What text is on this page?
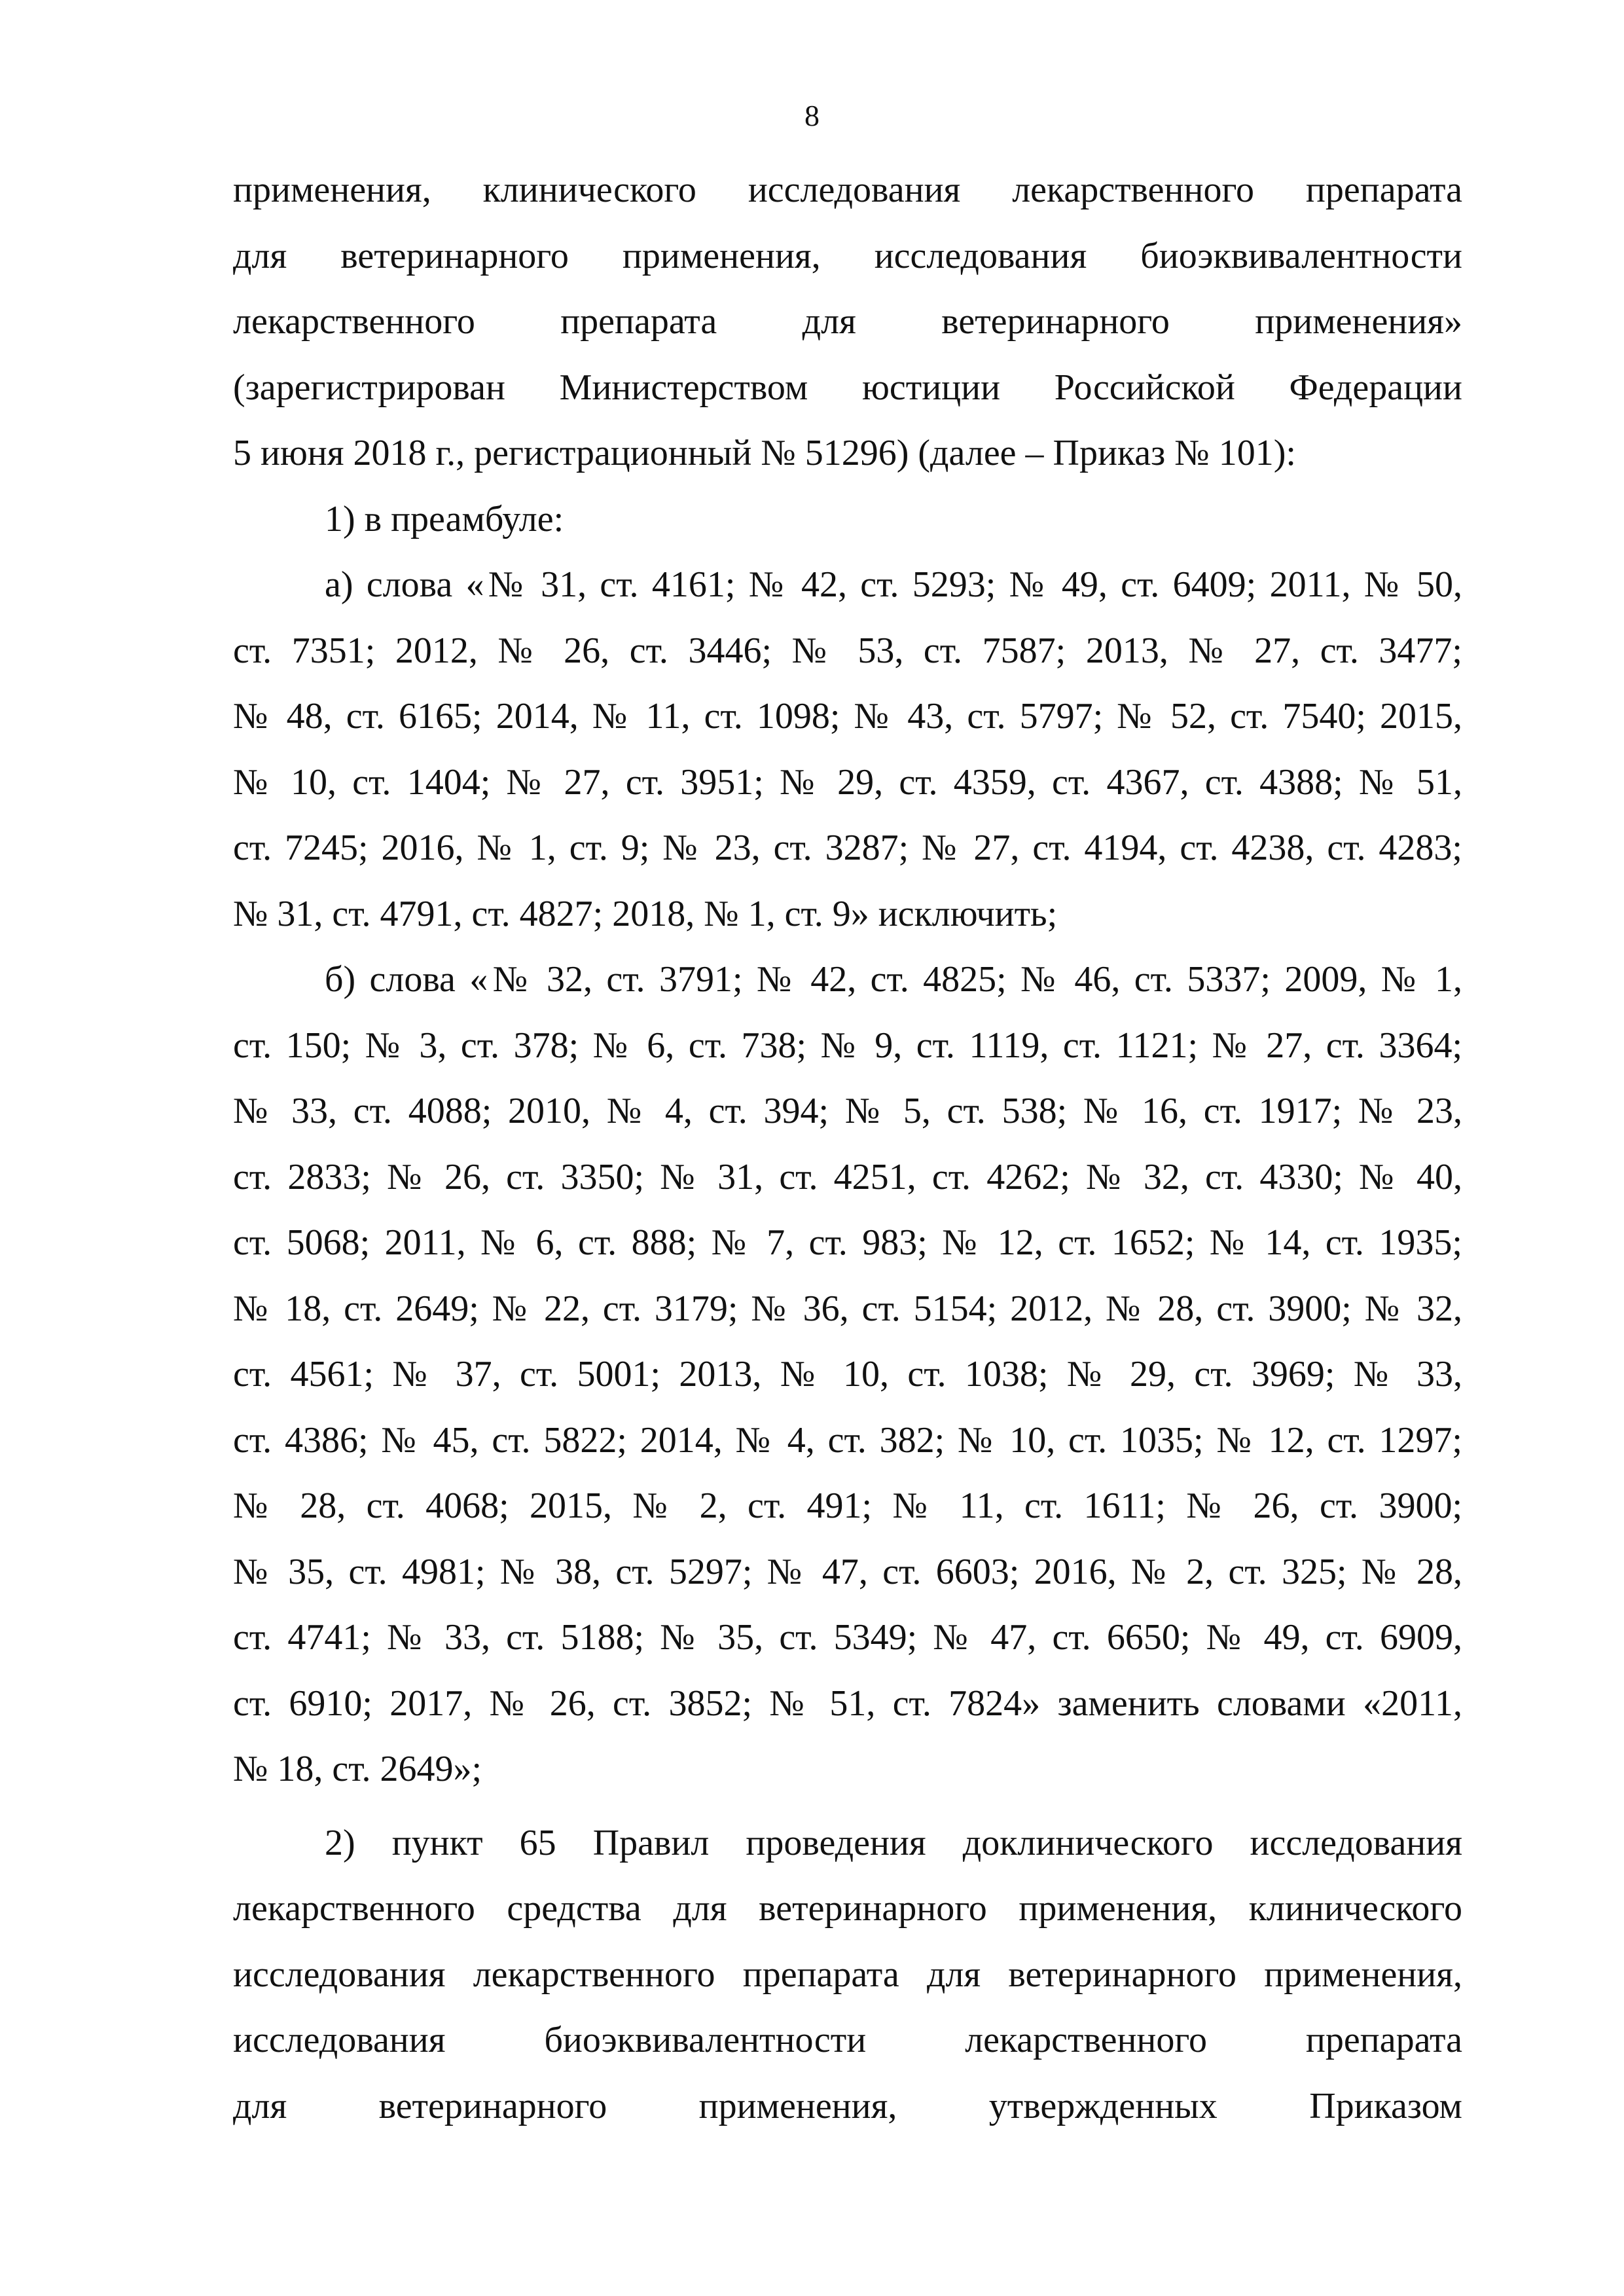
8
применения, клинического исследования лекарственного препарата
для ветеринарного применения, исследования биоэквивалентности
лекарственного препарата для ветеринарного применения»
(зарегистрирован Министерством юстиции Российской Федерации
5 июня 2018 г., регистрационный № 51296) (далее – Приказ № 101):
1) в преамбуле:
а) слова «№ 31, ст. 4161; № 42, ст. 5293; № 49, ст. 6409; 2011, № 50,
ст. 7351; 2012, № 26, ст. 3446; № 53, ст. 7587; 2013, № 27, ст. 3477;
№ 48, ст. 6165; 2014, № 11, ст. 1098; № 43, ст. 5797; № 52, ст. 7540; 2015,
№ 10, ст. 1404; № 27, ст. 3951; № 29, ст. 4359, ст. 4367, ст. 4388; № 51,
ст. 7245; 2016, № 1, ст. 9; № 23, ст. 3287; № 27, ст. 4194, ст. 4238, ст. 4283;
№ 31, ст. 4791, ст. 4827; 2018, № 1, ст. 9» исключить;
б) слова «№ 32, ст. 3791; № 42, ст. 4825; № 46, ст. 5337; 2009, № 1,
ст. 150; № 3, ст. 378; № 6, ст. 738; № 9, ст. 1119, ст. 1121; № 27, ст. 3364;
№ 33, ст. 4088; 2010, № 4, ст. 394; № 5, ст. 538; № 16, ст. 1917; № 23,
ст. 2833; № 26, ст. 3350; № 31, ст. 4251, ст. 4262; № 32, ст. 4330; № 40,
ст. 5068; 2011, № 6, ст. 888; № 7, ст. 983; № 12, ст. 1652; № 14, ст. 1935;
№ 18, ст. 2649; № 22, ст. 3179; № 36, ст. 5154; 2012, № 28, ст. 3900; № 32,
ст. 4561; № 37, ст. 5001; 2013, № 10, ст. 1038; № 29, ст. 3969; № 33,
ст. 4386; № 45, ст. 5822; 2014, № 4, ст. 382; № 10, ст. 1035; № 12, ст. 1297;
№ 28, ст. 4068; 2015, № 2, ст. 491; № 11, ст. 1611; № 26, ст. 3900;
№ 35, ст. 4981; № 38, ст. 5297; № 47, ст. 6603; 2016, № 2, ст. 325; № 28,
ст. 4741; № 33, ст. 5188; № 35, ст. 5349; № 47, ст. 6650; № 49, ст. 6909,
ст. 6910; 2017, № 26, ст. 3852; № 51, ст. 7824» заменить словами «2011,
№ 18, ст. 2649»;
2) пункт 65 Правил проведения доклинического исследования
лекарственного средства для ветеринарного применения, клинического
исследования лекарственного препарата для ветеринарного применения,
исследования биоэквивалентности лекарственного препарата
для ветеринарного применения, утвержденных Приказом
